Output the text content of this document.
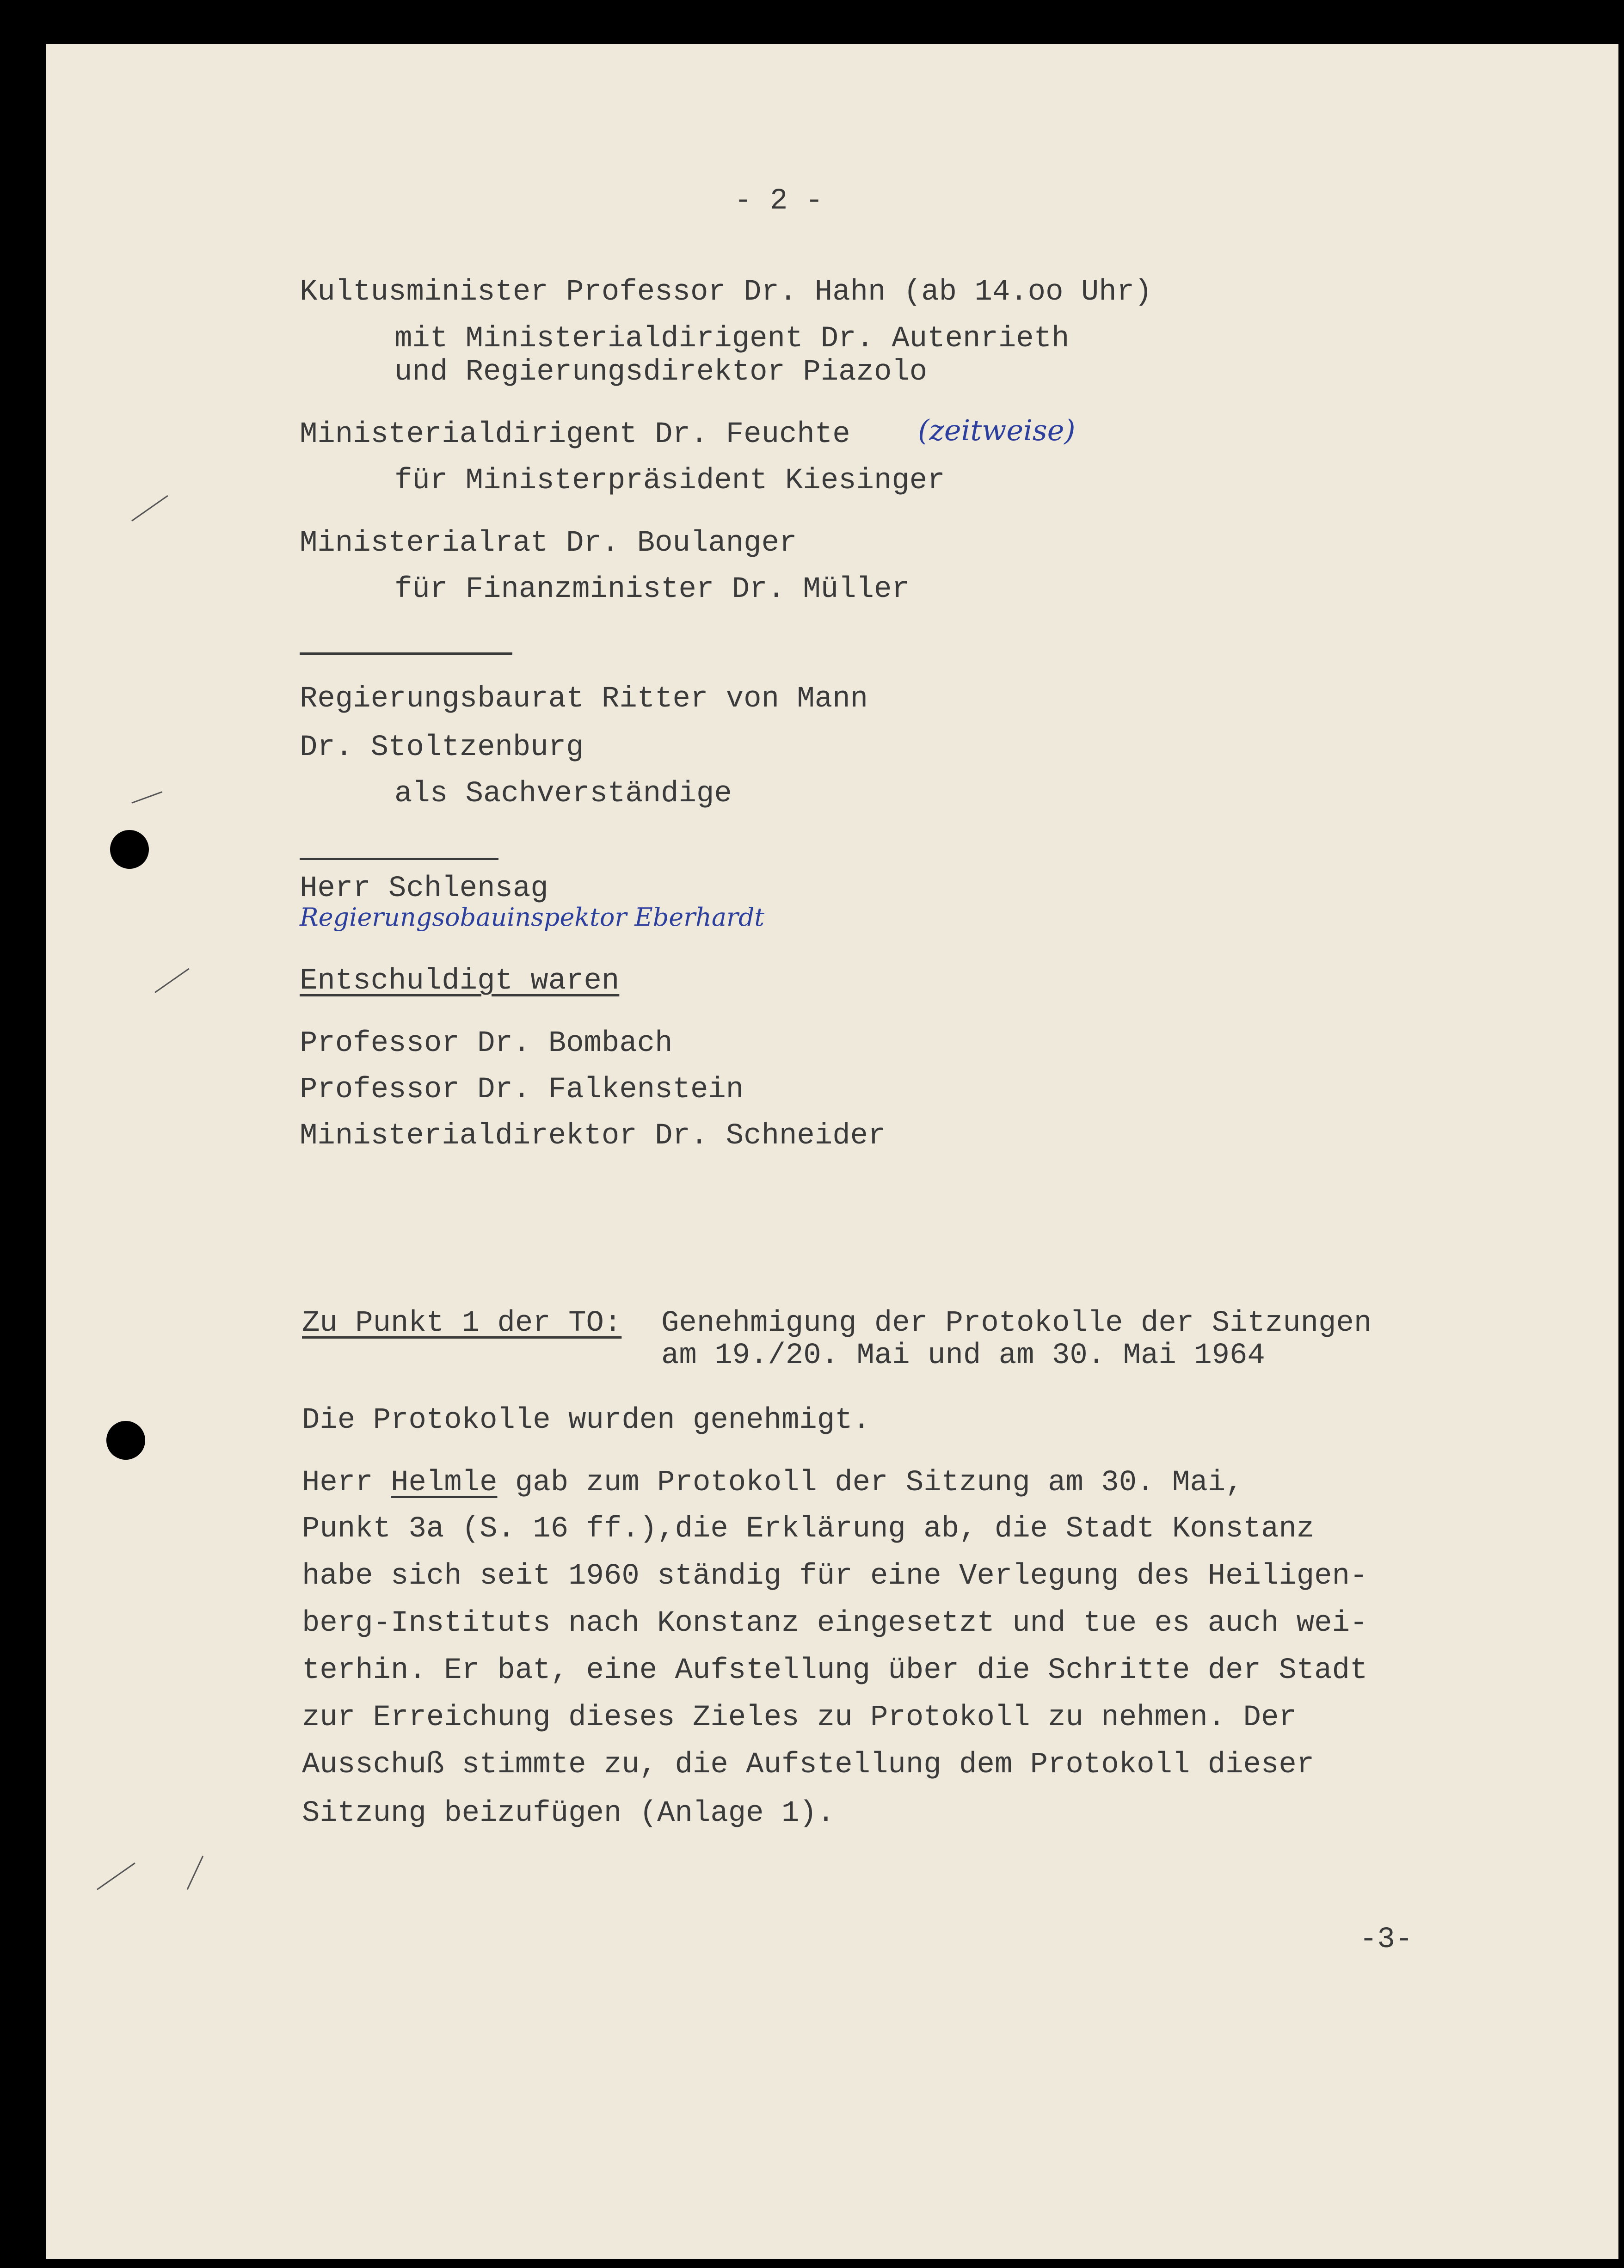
- 2 -
Kultusminister Professor Dr. Hahn (ab 14.oo Uhr)
mit Ministerialdirigent Dr. Autenrieth
und Regierungsdirektor Piazolo
Ministerialdirigent Dr. Feuchte (zeitweise)
für Ministerpräsident Kiesinger
Ministerialrat Dr. Boulanger
für Finanzminister Dr. Müller
Regierungsbaurat Ritter von Mann
Dr. Stoltzenburg
als Sachverständige
Herr Schlensag
Regierungsobauinspektor Eberhardt
Entschuldigt waren
Professor Dr. Bombach
Professor Dr. Falkenstein
Ministerialdirektor Dr. Schneider
Zu Punkt 1 der TO: Genehmigung der Protokolle der Sitzungen
am 19./20. Mai und am 30. Mai 1964
Die Protokolle wurden genehmigt.
Herr Helmle gab zum Protokoll der Sitzung am 30. Mai,
Punkt 3a (S. 16 ff.),die Erklärung ab, die Stadt Konstanz
habe sich seit 1960 ständig für eine Verlegung des Heiligen-
berg-Instituts nach Konstanz eingesetzt und tue es auch wei-
terhin. Er bat, eine Aufstellung über die Schritte der Stadt
zur Erreichung dieses Zieles zu Protokoll zu nehmen. Der
Ausschuß stimmte zu, die Aufstellung dem Protokoll dieser
Sitzung beizufügen (Anlage 1).
-3-
